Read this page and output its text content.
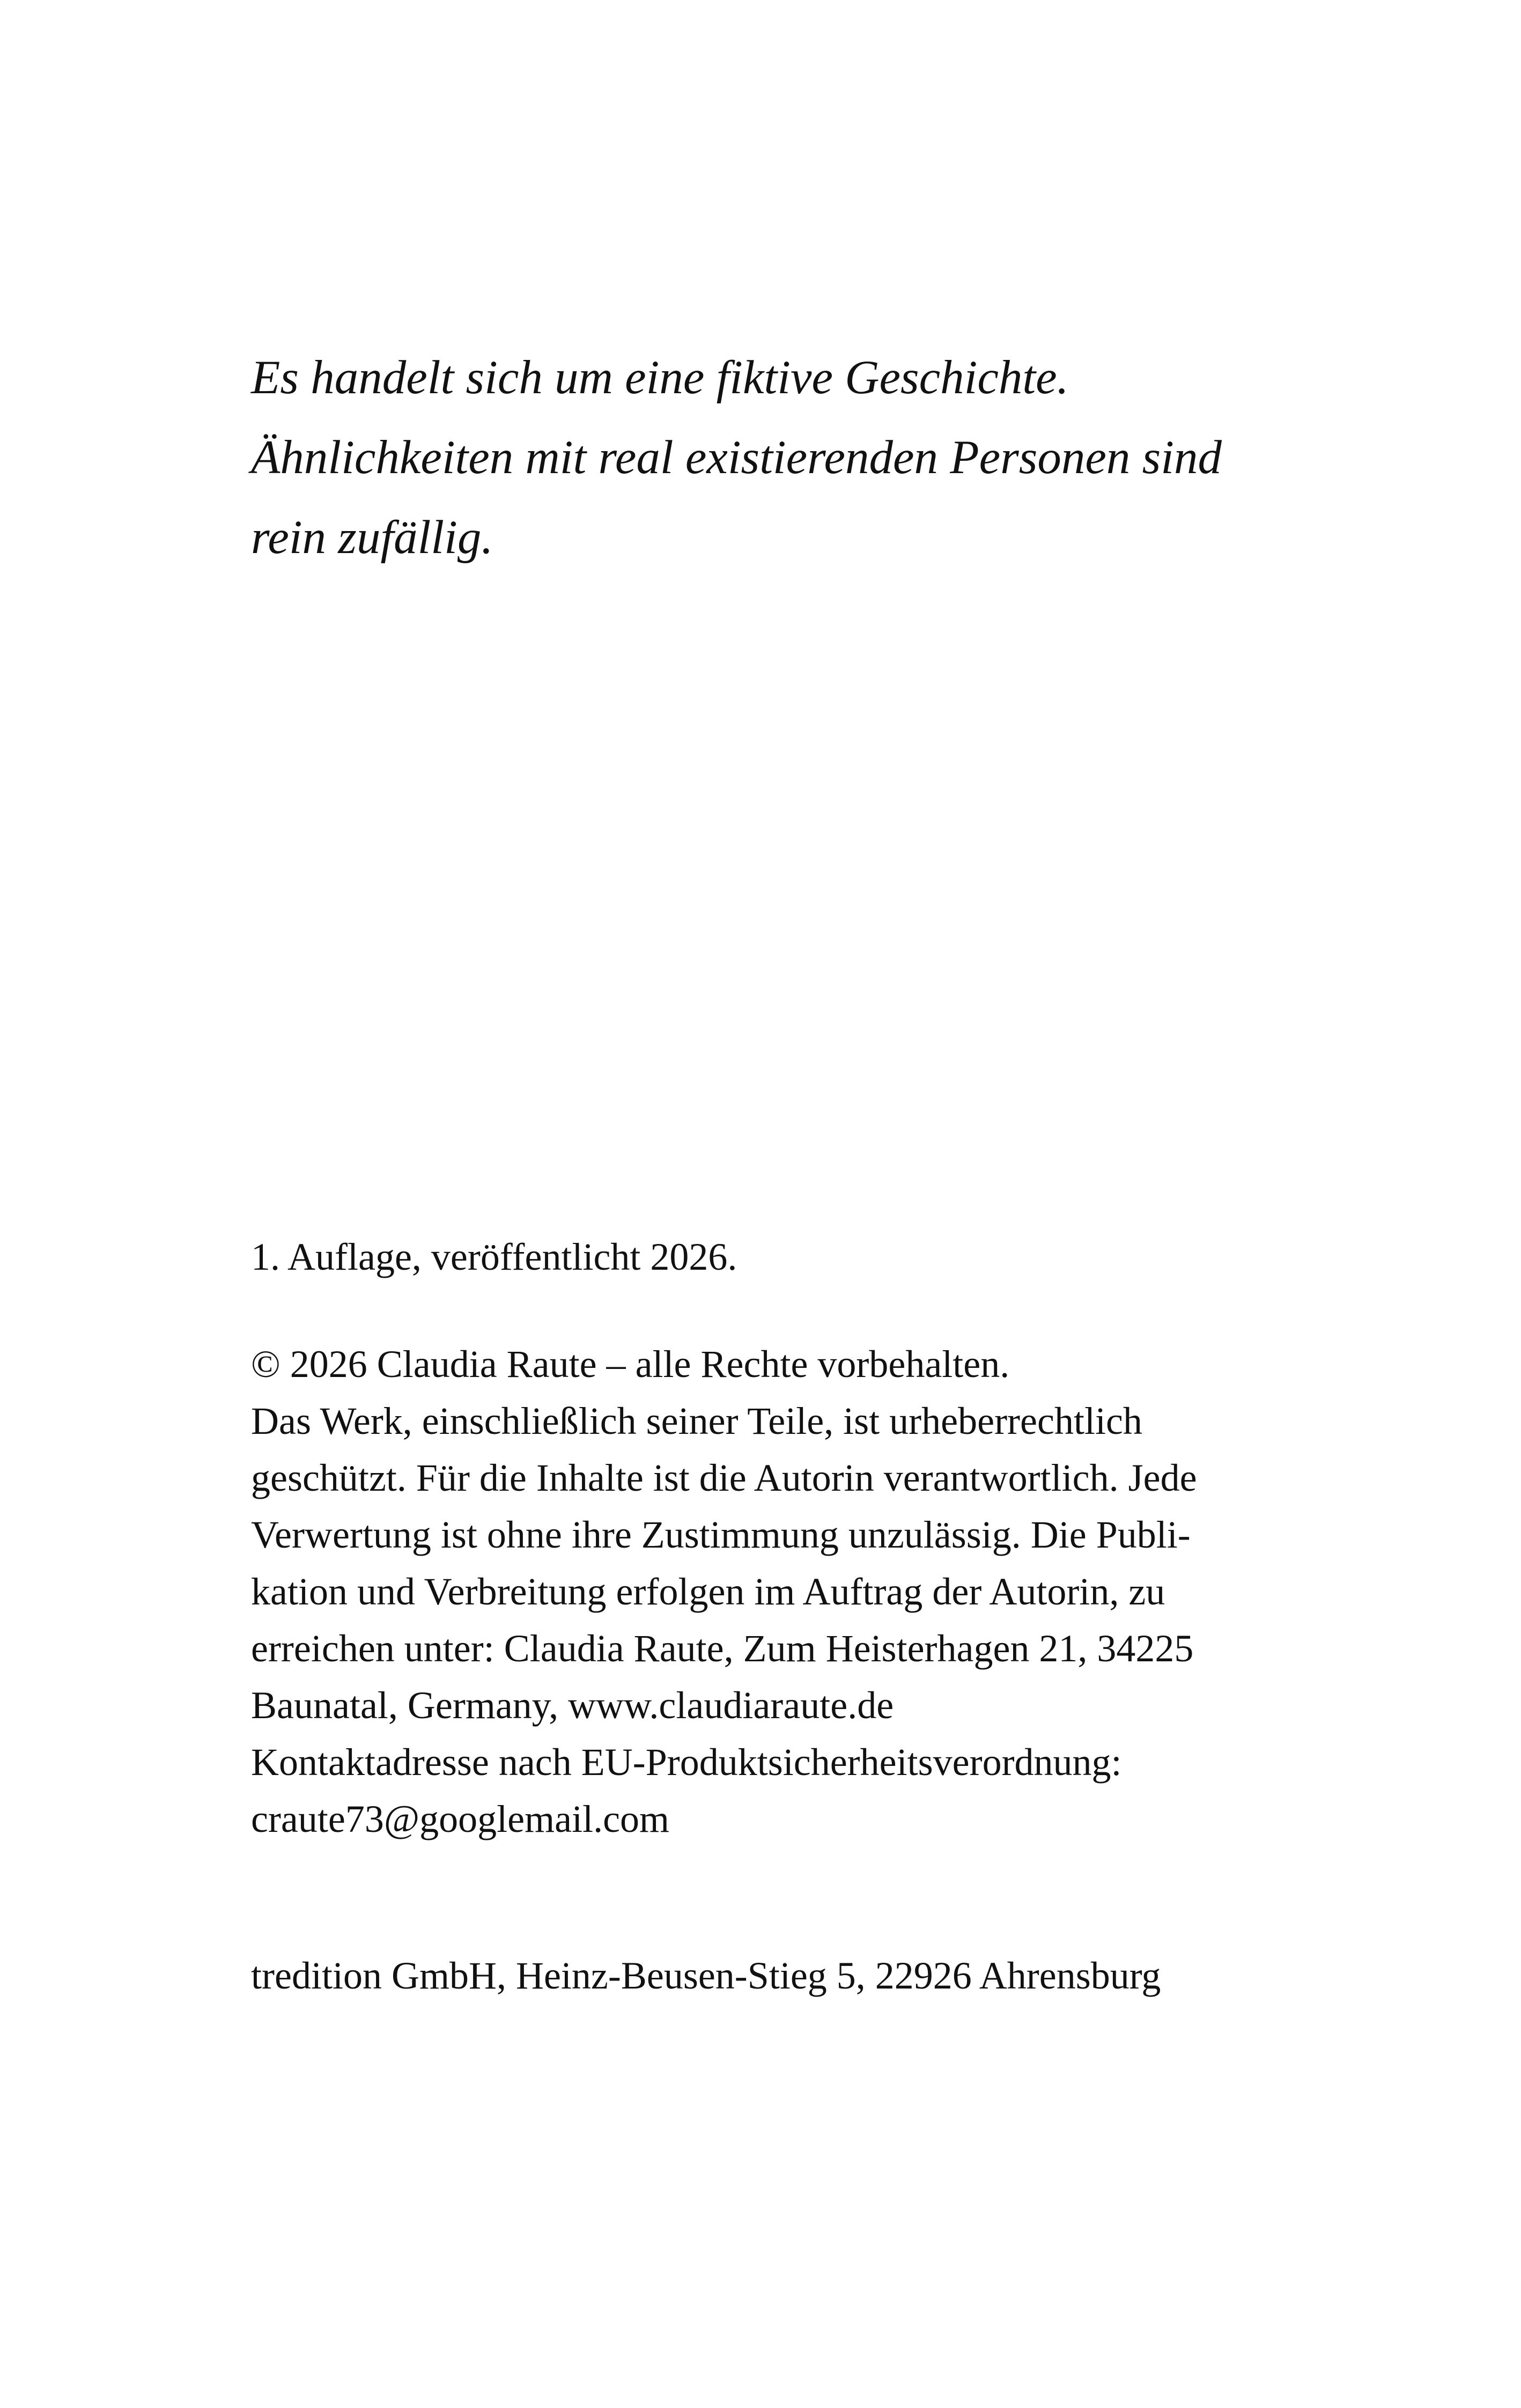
Es handelt sich um eine fiktive Geschichte.
Ähnlichkeiten mit real existierenden Personen sind
rein zufällig.
1. Auflage, veröffentlicht 2026.
© 2026 Claudia Raute – alle Rechte vorbehalten.
Das Werk, einschließlich seiner Teile, ist urheberrechtlich
geschützt. Für die Inhalte ist die Autorin verantwortlich. Jede
Verwertung ist ohne ihre Zustimmung unzulässig. Die Publi-
kation und Verbreitung erfolgen im Auftrag der Autorin, zu
erreichen unter: Claudia Raute, Zum Heisterhagen 21, 34225
Baunatal, Germany, www.claudiaraute.de
Kontaktadresse nach EU-Produktsicherheitsverordnung:
craute73@googlemail.com
tredition GmbH, Heinz-Beusen-Stieg 5, 22926 Ahrensburg
